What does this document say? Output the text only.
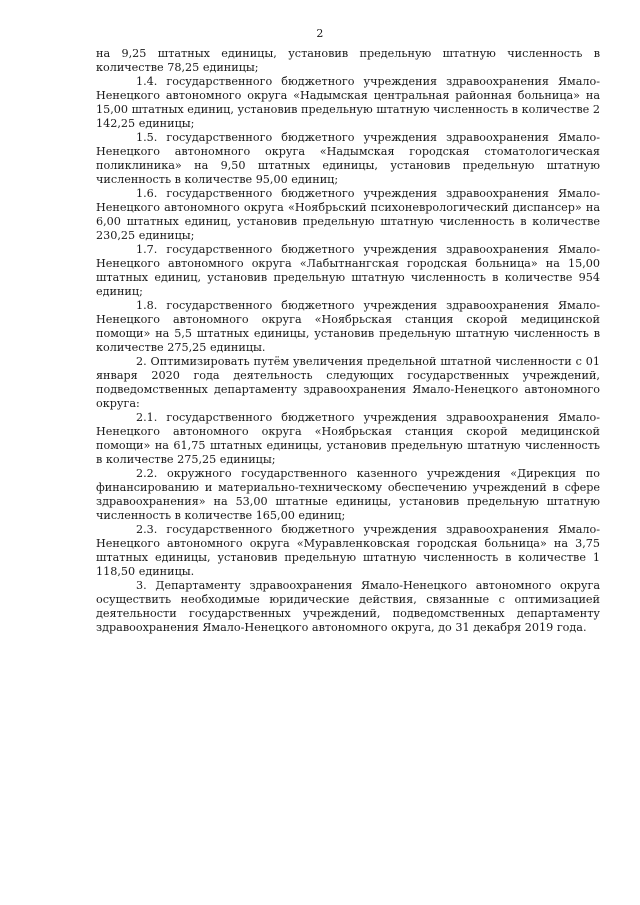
2

на 9,25 штатных единицы, установив предельную штатную численность в количестве 78,25 единицы;

1.4. государственного бюджетного учреждения здравоохранения Ямало-Ненецкого автономного округа «Надымская центральная районная больница» на 15,00 штатных единиц, установив предельную штатную численность в количестве 2 142,25 единицы;

1.5. государственного бюджетного учреждения здравоохранения Ямало-Ненецкого автономного округа «Надымская городская стоматологическая поликлиника» на 9,50 штатных единицы, установив предельную штатную численность в количестве 95,00 единиц;

1.6. государственного бюджетного учреждения здравоохранения Ямало-Ненецкого автономного округа «Ноябрьский психоневрологический диспансер» на 6,00 штатных единиц, установив предельную штатную численность в количестве 230,25 единицы;

1.7. государственного бюджетного учреждения здравоохранения Ямало-Ненецкого автономного округа «Лабытнангская городская больница» на 15,00 штатных единиц, установив предельную штатную численность в количестве 954 единиц;

1.8. государственного бюджетного учреждения здравоохранения Ямало-Ненецкого автономного округа «Ноябрьская станция скорой медицинской помощи» на 5,5 штатных единицы, установив предельную штатную численность в количестве 275,25 единицы.

2. Оптимизировать путём увеличения предельной штатной численности с 01 января 2020 года деятельность следующих государственных учреждений, подведомственных департаменту здравоохранения Ямало-Ненецкого автономного округа:

2.1. государственного бюджетного учреждения здравоохранения Ямало-Ненецкого автономного округа «Ноябрьская станция скорой медицинской помощи» на 61,75 штатных единицы, установив предельную штатную численность в количестве 275,25 единицы;

2.2. окружного государственного казенного учреждения «Дирекция по финансированию и материально-техническому обеспечению учреждений в сфере здравоохранения» на 53,00 штатные единицы, установив предельную штатную численность в количестве 165,00 единиц;

2.3. государственного бюджетного учреждения здравоохранения Ямало-Ненецкого автономного округа «Муравленковская городская больница» на 3,75 штатных единицы, установив предельную штатную численность в количестве 1 118,50 единицы.

3. Департаменту здравоохранения Ямало-Ненецкого автономного округа осуществить необходимые юридические действия, связанные с оптимизацией деятельности государственных учреждений, подведомственных департаменту здравоохранения Ямало-Ненецкого автономного округа, до 31 декабря 2019 года.
